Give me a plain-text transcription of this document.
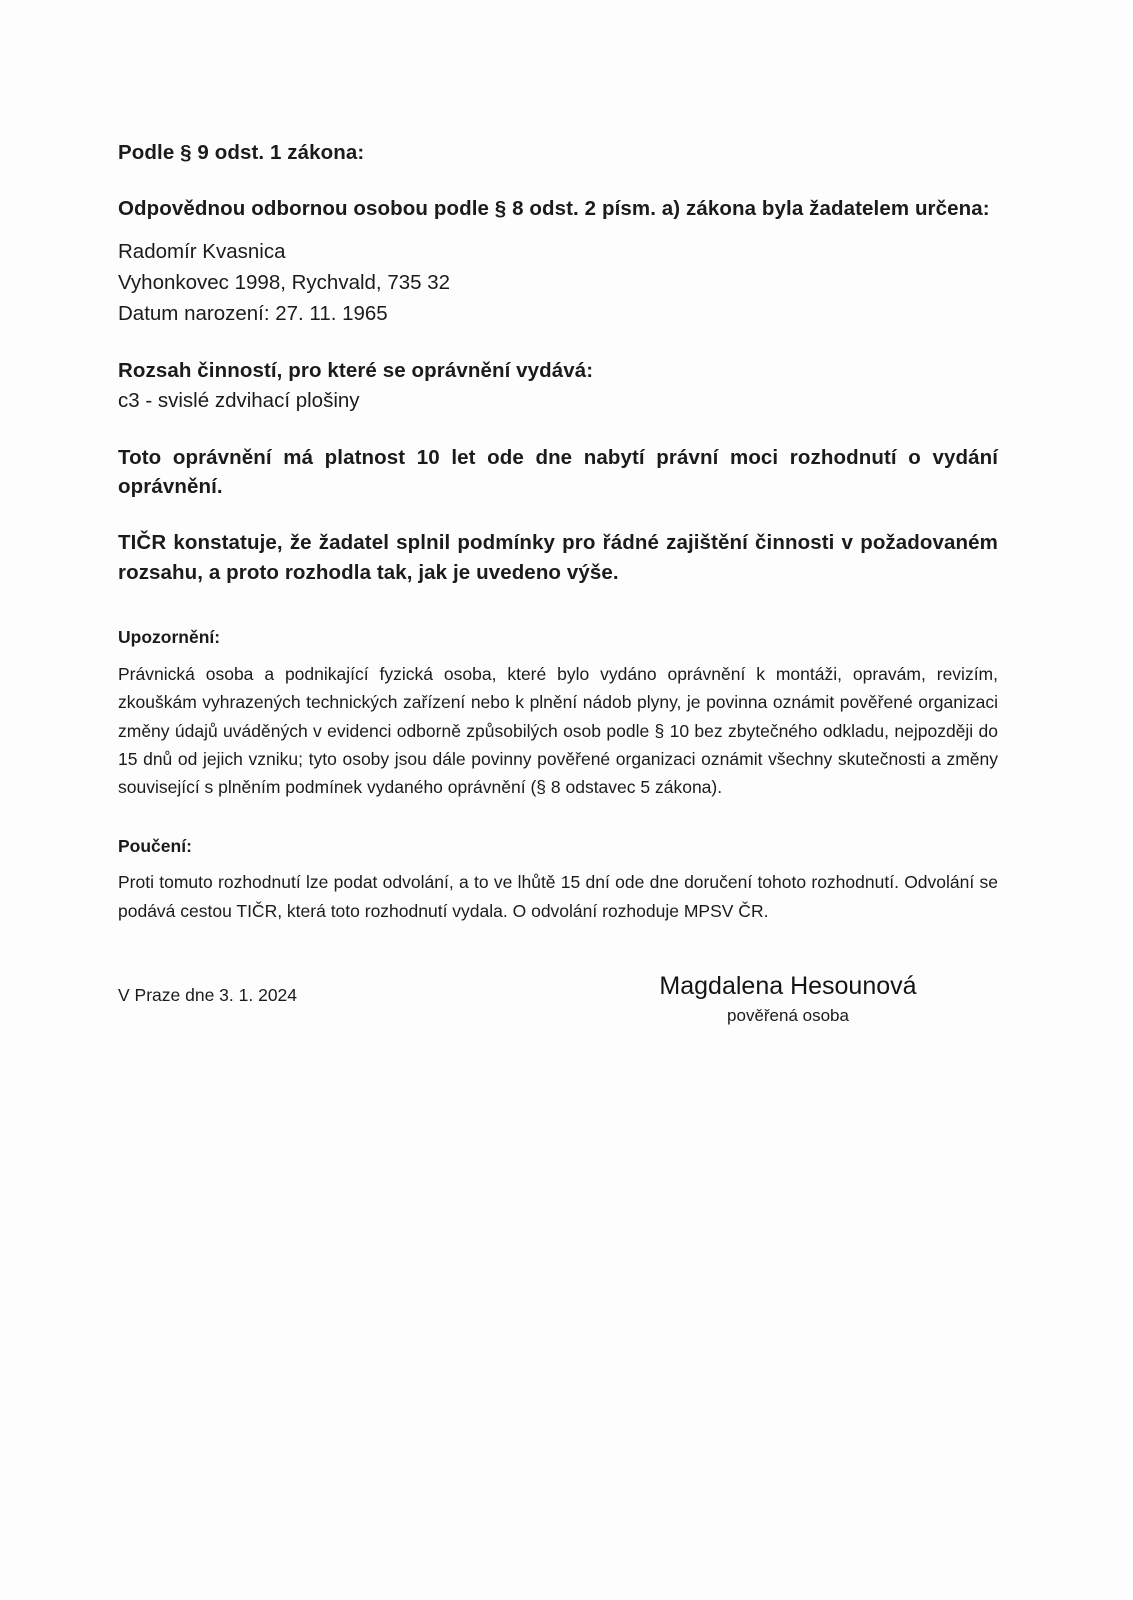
Podle § 9 odst. 1 zákona:

Odpovědnou odbornou osobou podle § 8 odst. 2 písm. a) zákona byla žadatelem určena:

Radomír Kvasnica

Vyhonkovec 1998, Rychvald, 735 32

Datum narození: 27. 11. 1965

Rozsah činností, pro které se oprávnění vydává:

c3 - svislé zdvihací plošiny

Toto oprávnění má platnost 10 let ode dne nabytí právní moci rozhodnutí o vydání oprávnění.

TIČR konstatuje, že žadatel splnil podmínky pro řádné zajištění činnosti v požadovaném rozsahu, a proto rozhodla tak, jak je uvedeno výše.

Upozornění:

Právnická osoba a podnikající fyzická osoba, které bylo vydáno oprávnění k montáži, opravám, revizím, zkouškám vyhrazených technických zařízení nebo k plnění nádob plyny, je povinna oznámit pověřené organizaci změny údajů uváděných v evidenci odborně způsobilých osob podle § 10 bez zbytečného odkladu, nejpozději do 15 dnů od jejich vzniku; tyto osoby jsou dále povinny pověřené organizaci oznámit všechny skutečnosti a změny související s plněním podmínek vydaného oprávnění (§ 8 odstavec 5 zákona).

Poučení:

Proti tomuto rozhodnutí lze podat odvolání, a to ve lhůtě 15 dní ode dne doručení tohoto rozhodnutí. Odvolání se podává cestou TIČR, která toto rozhodnutí vydala. O odvolání rozhoduje MPSV ČR.

V Praze dne 3. 1. 2024	Magdalena Hesounová
pověřená osoba
